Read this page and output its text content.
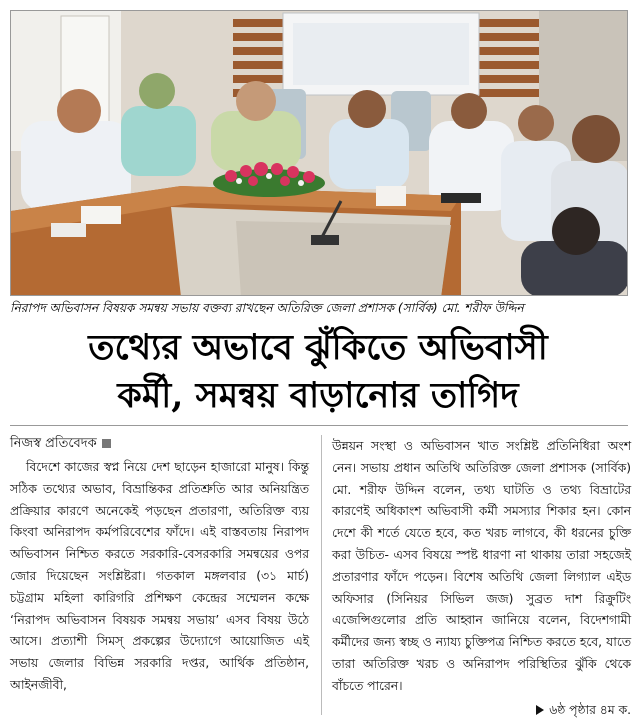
নিরাপদ অভিবাসন বিষয়ক সমন্বয় সভায় বক্তব্য রাখছেন অতিরিক্ত জেলা প্রশাসক (সার্বিক) মো. শরীফ উদ্দিন
তথ্যের অভাবে ঝুঁকিতে অভিবাসী
কর্মী, সমন্বয় বাড়ানোর তাগিদ
নিজস্ব প্রতিবেদক
বিদেশে কাজের স্বপ্ন নিয়ে দেশ ছাড়েন হাজারো মানুষ। কিন্তু সঠিক তথ্যের অভাব, বিভ্রান্তিকর প্রতিশ্রুতি আর অনিয়ন্ত্রিত প্রক্রিয়ার কারণে অনেকেই পড়ছেন প্রতারণা, অতিরিক্ত ব্যয় কিংবা অনিরাপদ কর্মপরিবেশের ফাঁদে। এই বাস্তবতায় নিরাপদ অভিবাসন নিশ্চিত করতে সরকারি-বেসরকারি সমন্বয়ের ওপর জোর দিয়েছেন সংশ্লিষ্টরা। গতকাল মঙ্গলবার (৩১ মার্চ) চট্টগ্রাম মহিলা কারিগরি প্রশিক্ষণ কেন্দ্রের সম্মেলন কক্ষে ‘নিরাপদ অভিবাসন বিষয়ক সমন্বয় সভায়’ এসব বিষয় উঠে আসে। প্রত্যাশী সিমস্ প্রকল্পের উদ্যোগে আয়োজিত এই সভায় জেলার বিভিন্ন সরকারি দপ্তর, আর্থিক প্রতিষ্ঠান, আইনজীবী,
উন্নয়ন সংস্থা ও অভিবাসন খাত সংশ্লিষ্ট প্রতিনিধিরা অংশ নেন। সভায় প্রধান অতিথি অতিরিক্ত জেলা প্রশাসক (সার্বিক) মো. শরীফ উদ্দিন বলেন, তথ্য ঘাটতি ও তথ্য বিভ্রাটের কারণেই অধিকাংশ অভিবাসী কর্মী সমস্যার শিকার হন। কোন দেশে কী শর্তে যেতে হবে, কত খরচ লাগবে, কী ধরনের চুক্তি করা উচিত- এসব বিষয়ে স্পষ্ট ধারণা না থাকায় তারা সহজেই প্রতারণার ফাঁদে পড়েন। বিশেষ অতিথি জেলা লিগ্যাল এইড অফিসার (সিনিয়র সিভিল জজ) সুব্রত দাশ রিক্রুটিং এজেন্সিগুলোর প্রতি আহ্বান জানিয়ে বলেন, বিদেশগামী কর্মীদের জন্য স্বচ্ছ ও ন্যায্য চুক্তিপত্র নিশ্চিত করতে হবে, যাতে তারা অতিরিক্ত খরচ ও অনিরাপদ পরিস্থিতির ঝুঁকি থেকে বাঁচতে পারেন।
৬ষ্ঠ পৃষ্ঠার ৪ম ক.
